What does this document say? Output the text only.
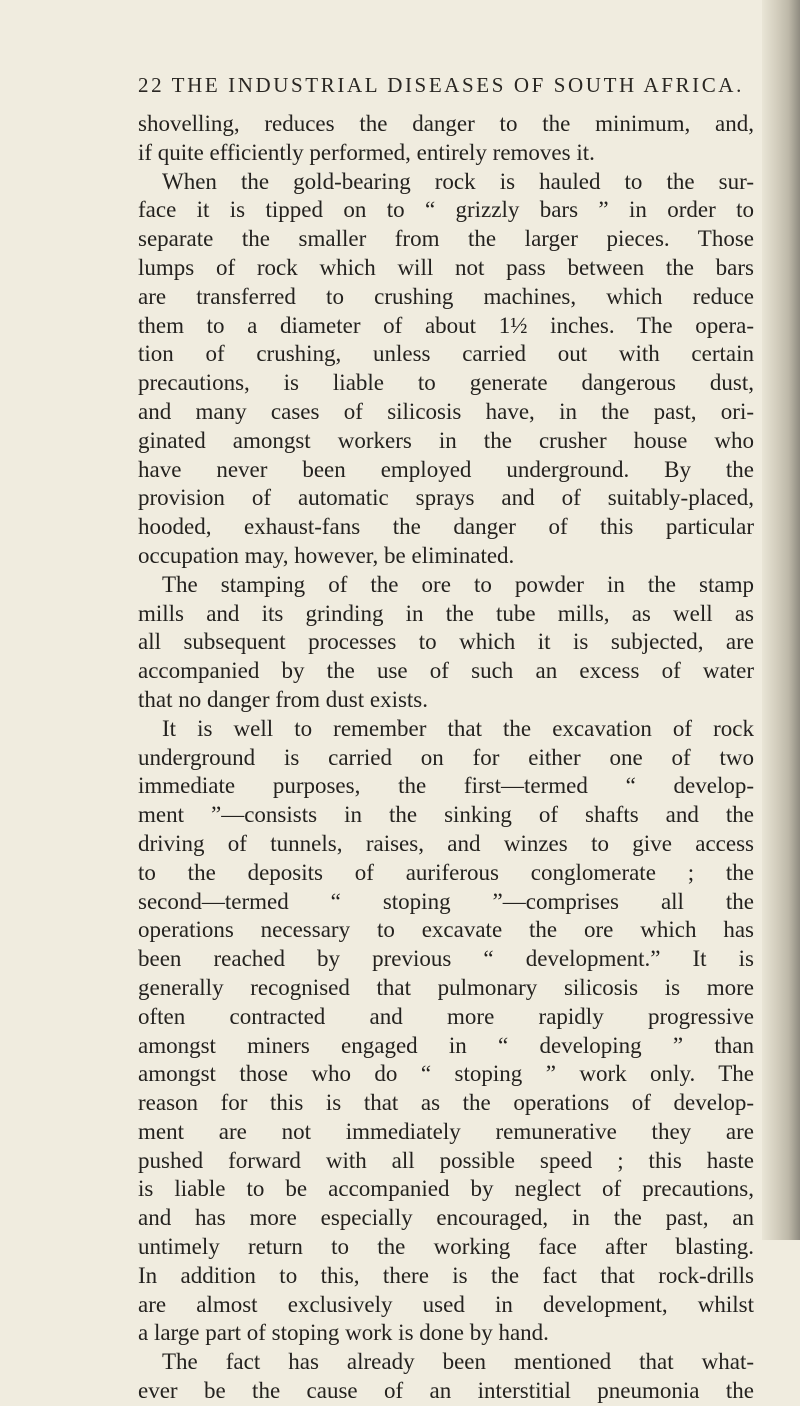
22 THE INDUSTRIAL DISEASES OF SOUTH AFRICA.
shovelling, reduces the danger to the minimum, and,
if quite efficiently performed, entirely removes it.
When the gold-bearing rock is hauled to the sur-
face it is tipped on to “ grizzly bars ” in order to
separate the smaller from the larger pieces. Those
lumps of rock which will not pass between the bars
are transferred to crushing machines, which reduce
them to a diameter of about 1½ inches. The opera-
tion of crushing, unless carried out with certain
precautions, is liable to generate dangerous dust,
and many cases of silicosis have, in the past, ori-
ginated amongst workers in the crusher house who
have never been employed underground. By the
provision of automatic sprays and of suitably-placed,
hooded, exhaust-fans the danger of this particular
occupation may, however, be eliminated.
The stamping of the ore to powder in the stamp
mills and its grinding in the tube mills, as well as
all subsequent processes to which it is subjected, are
accompanied by the use of such an excess of water
that no danger from dust exists.
It is well to remember that the excavation of rock
underground is carried on for either one of two
immediate purposes, the first—termed “ develop-
ment ”—consists in the sinking of shafts and the
driving of tunnels, raises, and winzes to give access
to the deposits of auriferous conglomerate ; the
second—termed “ stoping ”—comprises all the
operations necessary to excavate the ore which has
been reached by previous “ development.” It is
generally recognised that pulmonary silicosis is more
often contracted and more rapidly progressive
amongst miners engaged in “ developing ” than
amongst those who do “ stoping ” work only. The
reason for this is that as the operations of develop-
ment are not immediately remunerative they are
pushed forward with all possible speed ; this haste
is liable to be accompanied by neglect of precautions,
and has more especially encouraged, in the past, an
untimely return to the working face after blasting.
In addition to this, there is the fact that rock-drills
are almost exclusively used in development, whilst
a large part of stoping work is done by hand.
The fact has already been mentioned that what-
ever be the cause of an interstitial pneumonia the
